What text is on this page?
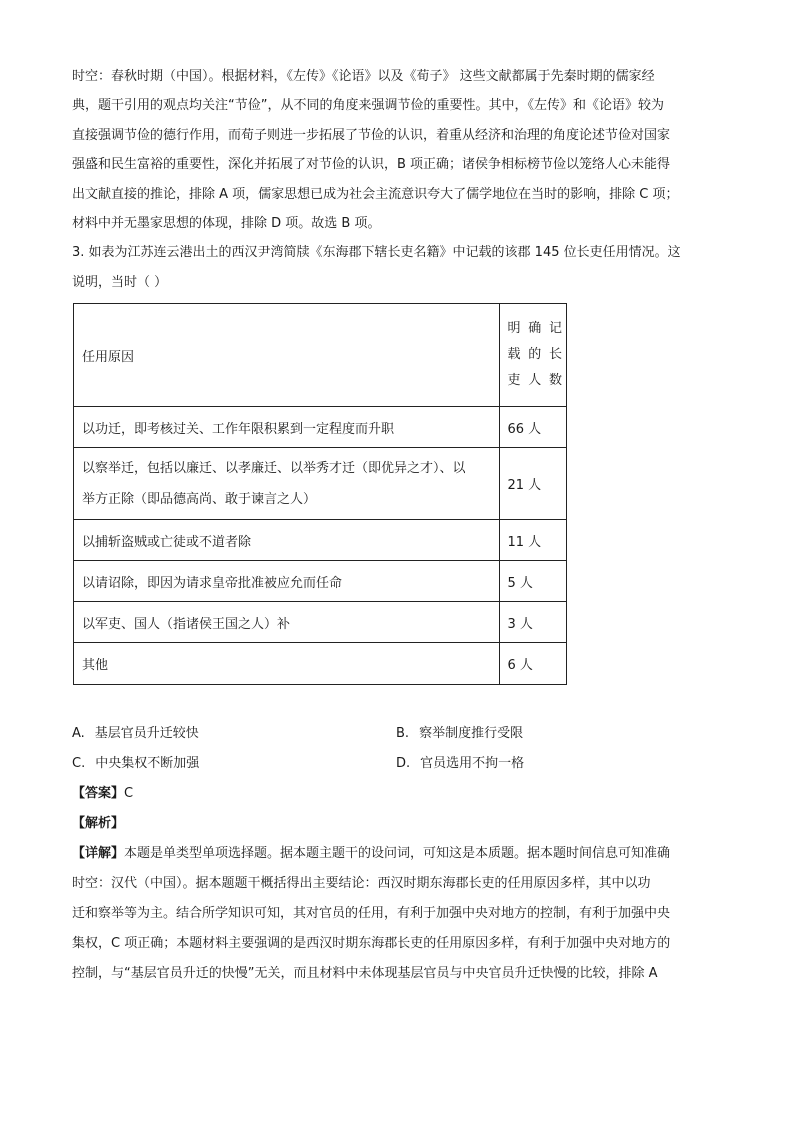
时空：春秋时期（中国）。根据材料，《左传》《论语》以及《荀子》 这些文献都属于先秦时期的儒家经
典，题干引用的观点均关注“节俭”，从不同的角度来强调节俭的重要性。其中，《左传》和《论语》较为
直接强调节俭的德行作用，而荀子则进一步拓展了节俭的认识，着重从经济和治理的角度论述节俭对国家
强盛和民生富裕的重要性，深化并拓展了对节俭的认识，B 项正确；诸侯争相标榜节俭以笼络人心未能得
出文献直接的推论，排除 A 项，儒家思想已成为社会主流意识夸大了儒学地位在当时的影响，排除 C 项；
材料中并无墨家思想的体现，排除 D 项。故选 B 项。
3. 如表为江苏连云港出土的西汉尹湾简牍《东海郡下辖长吏名籍》中记载的该郡 145 位长吏任用情况。这
说明，当时（ ）
任用原因	明确记
载的长
吏人数

以功迁，即考核过关、工作年限积累到一定程度而升职	66 人

以察举迁，包括以廉迁、以孝廉迁、以举秀才迁（即优异之才）、以
举方正除（即品德高尚、敢于谏言之人）	21 人
以捕斩盗贼或亡徒或不道者除	11 人
以请诏除，即因为请求皇帝批准被应允而任命	5 人
以军吏、国人（指诸侯王国之人）补	3 人
其他	6 人
A. 基层官员升迁较快	B. 察举制度推行受限
C. 中央集权不断加强	D. 官员选用不拘一格
【答案】C
【解析】
【详解】本题是单类型单项选择题。据本题主题干的设问词，可知这是本质题。据本题时间信息可知准确
时空：汉代（中国）。据本题题干概括得出主要结论：西汉时期东海郡长吏的任用原因多样，其中以功
迁和察举等为主。结合所学知识可知，其对官员的任用，有利于加强中央对地方的控制，有利于加强中央
集权，C 项正确；本题材料主要强调的是西汉时期东海郡长吏的任用原因多样，有利于加强中央对地方的
控制，与“基层官员升迁的快慢”无关，而且材料中未体现基层官员与中央官员升迁快慢的比较，排除 A
